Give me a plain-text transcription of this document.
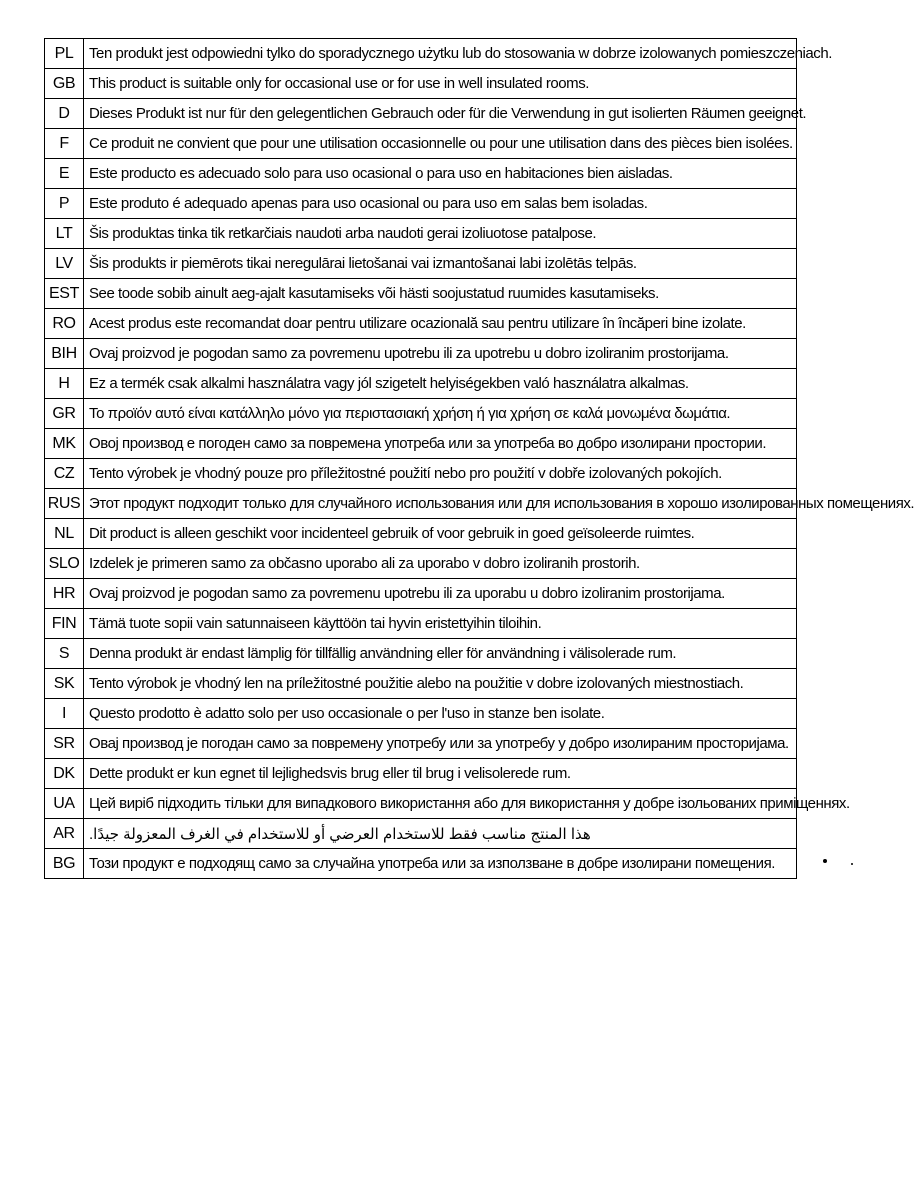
PL	Ten produkt jest odpowiedni tylko do sporadycznego użytku lub do stosowania w dobrze izolowanych pomieszczeniach.
GB	This product is suitable only for occasional use or for use in well insulated rooms.
D	Dieses Produkt ist nur für den gelegentlichen Gebrauch oder für die Verwendung in gut isolierten Räumen geeignet.
F	Ce produit ne convient que pour une utilisation occasionnelle ou pour une utilisation dans des pièces bien isolées.
E	Este producto es adecuado solo para uso ocasional o para uso en habitaciones bien aisladas.
P	Este produto é adequado apenas para uso ocasional ou para uso em salas bem isoladas.
LT	Šis produktas tinka tik retkarčiais naudoti arba naudoti gerai izoliuotose patalpose.
LV	Šis produkts ir piemērots tikai neregulārai lietošanai vai izmantošanai labi izolētās telpās.
EST	See toode sobib ainult aeg-ajalt kasutamiseks või hästi soojustatud ruumides kasutamiseks.
RO	Acest produs este recomandat doar pentru utilizare ocazională sau pentru utilizare în încăperi bine izolate.
BIH	Ovaj proizvod je pogodan samo za povremenu upotrebu ili za upotrebu u dobro izoliranim prostorijama.
H	Ez a termék csak alkalmi használatra vagy jól szigetelt helyiségekben való használatra alkalmas.
GR	Το προϊόν αυτό είναι κατάλληλο μόνο για περιστασιακή χρήση ή για χρήση σε καλά μονωμένα δωμάτια.
MK	Овој производ е погоден само за повремена употреба или за употреба во добро изолирани простории.
CZ	Tento výrobek je vhodný pouze pro příležitostné použití nebo pro použití v dobře izolovaných pokojích.
RUS	Этот продукт подходит только для случайного использования или для использования в хорошо изолированных помещениях.
NL	Dit product is alleen geschikt voor incidenteel gebruik of voor gebruik in goed geïsoleerde ruimtes.
SLO	Izdelek je primeren samo za občasno uporabo ali za uporabo v dobro izoliranih prostorih.
HR	Ovaj proizvod je pogodan samo za povremenu upotrebu ili za uporabu u dobro izoliranim prostorijama.
FIN	Tämä tuote sopii vain satunnaiseen käyttöön tai hyvin eristettyihin tiloihin.
S	Denna produkt är endast lämplig för tillfällig användning eller för användning i välisolerade rum.
SK	Tento výrobok je vhodný len na príležitostné použitie alebo na použitie v dobre izolovaných miestnostiach.
I	Questo prodotto è adatto solo per uso occasionale o per l'uso in stanze ben isolate.
SR	Овај производ је погодан само за повремену употребу или за употребу у добро изолираним просторијама.
DK	Dette produkt er kun egnet til lejlighedsvis brug eller til brug i velisolerede rum.
UA	Цей виріб підходить тільки для випадкового використання або для використання у добре ізольованих приміщеннях.
AR	هذا المنتج مناسب فقط للاستخدام العرضي أو للاستخدام في الغرف المعزولة جيدًا.
BG	Този продукт е подходящ само за случайна употреба или за използване в добре изолирани помещения.
